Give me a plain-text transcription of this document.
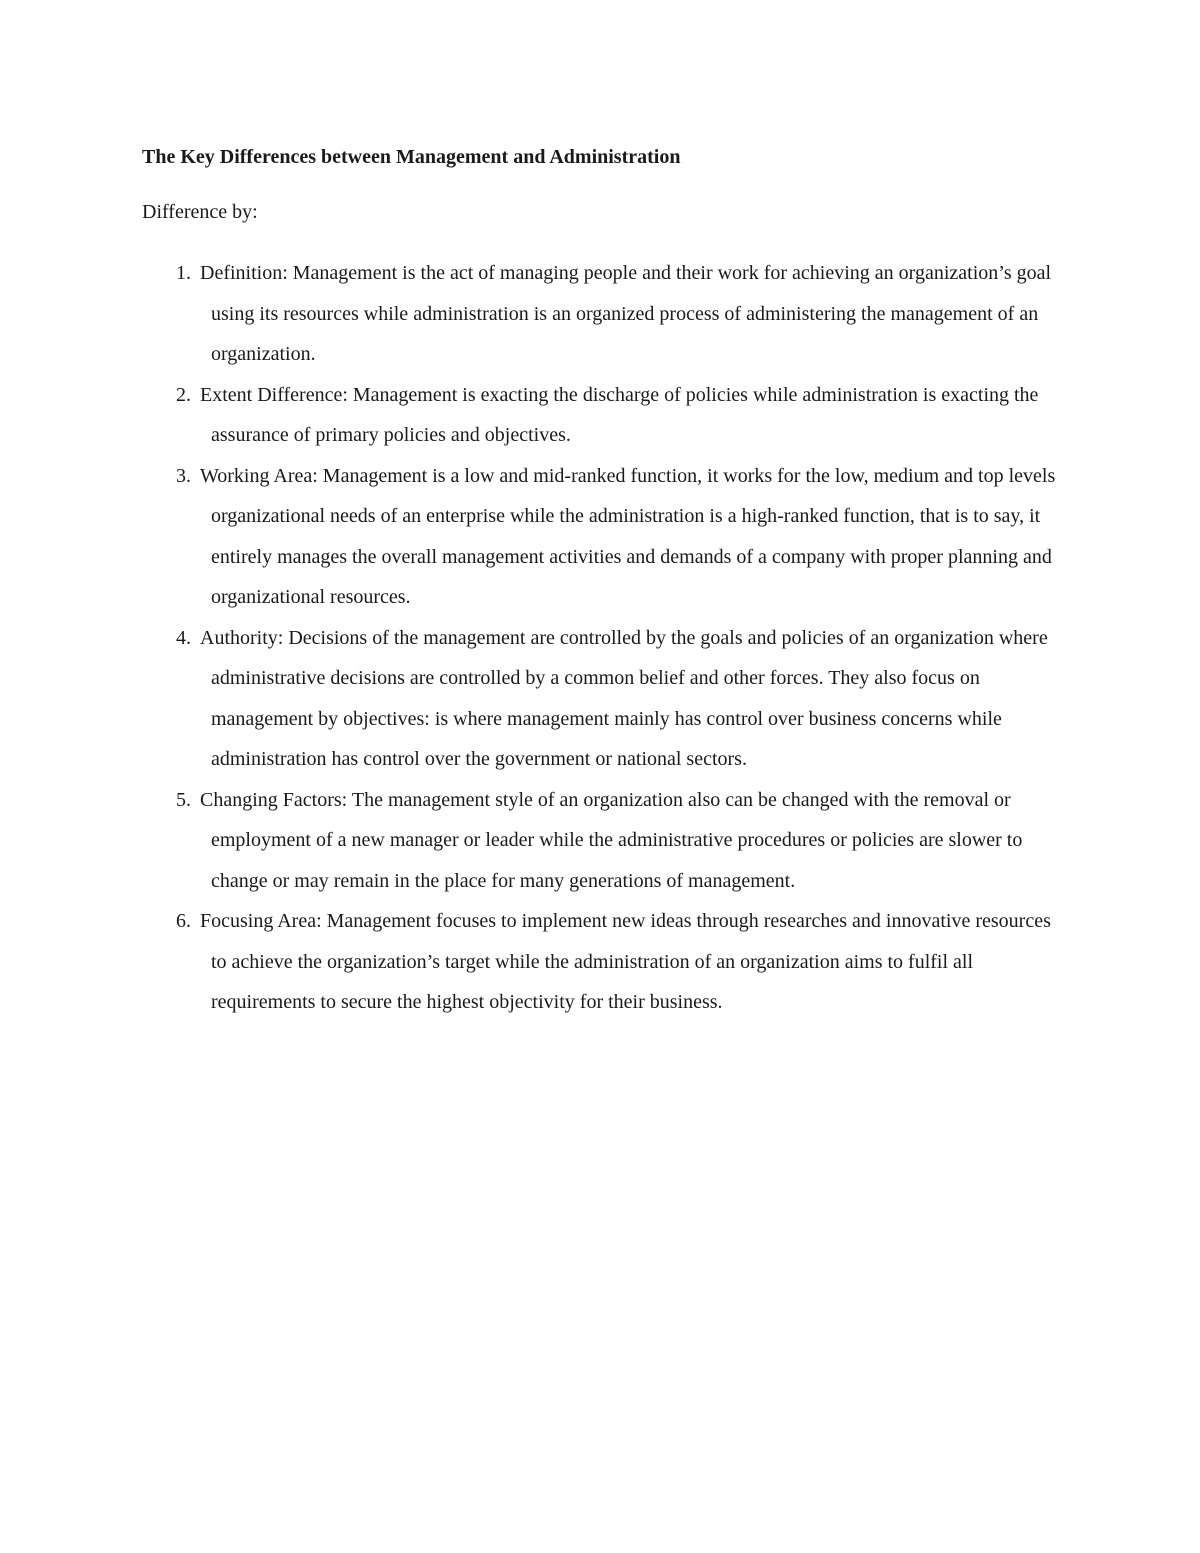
The Key Differences between Management and Administration

Difference by:

1. Definition: Management is the act of managing people and their work for achieving an organization’s goal using its resources while administration is an organized process of administering the management of an organization.
2. Extent Difference: Management is exacting the discharge of policies while administration is exacting the assurance of primary policies and objectives.
3. Working Area: Management is a low and mid-ranked function, it works for the low, medium and top levels organizational needs of an enterprise while the administration is a high-ranked function, that is to say, it entirely manages the overall management activities and demands of a company with proper planning and organizational resources.
4. Authority: Decisions of the management are controlled by the goals and policies of an organization where administrative decisions are controlled by a common belief and other forces. They also focus on management by objectives: is where management mainly has control over business concerns while administration has control over the government or national sectors.
5. Changing Factors: The management style of an organization also can be changed with the removal or employment of a new manager or leader while the administrative procedures or policies are slower to change or may remain in the place for many generations of management.
6. Focusing Area: Management focuses to implement new ideas through researches and innovative resources to achieve the organization’s target while the administration of an organization aims to fulfil all requirements to secure the highest objectivity for their business.
